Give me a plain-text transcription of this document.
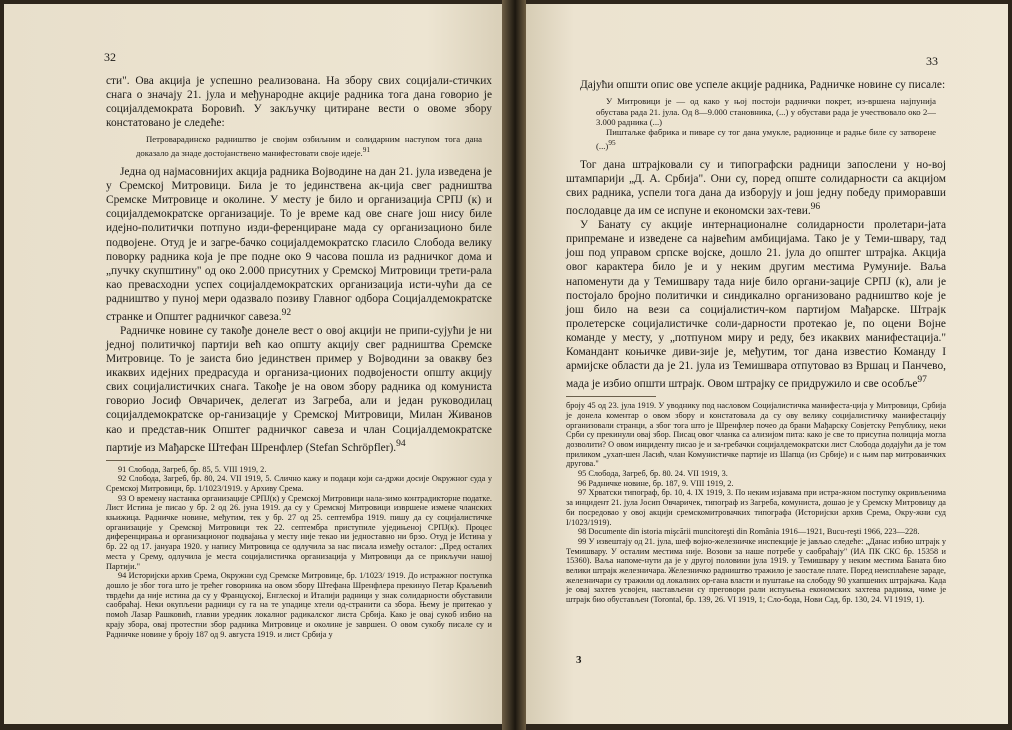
32

сти". Ова акција је успешно реализована. На збору свих социјали-стичких снага о значају 21. јула и међународне акције радника тога дана говорио је социјалдемократа Боровић. У закључку цитиране вести о овоме збору констатовано је следеће:

Петроварадинско радништво је својим озбиљним и солидарним наступом тога дана доказало да знаде достојанствено манифестовати своје идеје.$^{91}$

Једна од најмасовнијих акција радника Војводине на дан 21. јула изведена је у Сремској Митровици. Била је то јединствена ак-ција свег радништва Сремске Митровице и околине. У месту је било и организација СРПЈ (к) и социјалдемократске организације. То је време кад ове снаге још нису биле идејно-политички потпуно изди-ференциране мада су организационо биле подвојене. Отуд је и загре-бачко социјалдемократско гласило Слобода велику поворку радника која је пре подне око 9 часова пошла из радничког дома и „пучку скупштину" од око 2.000 присутних у Сремској Митровици трети-рала као превасходни успех социјалдемократских организација исти-чући да се радништво у пуној мери одазвало позиву Главног одбора Социјалдемократске странке и Општег радничког савеза.$^{92}$

Радничке новине су такође донеле вест о овој акцији не припи-сујући је ни једној политичкој партији већ као општу акцију свег радништва Сремске Митровице. То је заиста био јединствен пример у Војводини за овакву без икаквих идејних предрасуда и организа-ционих подвојености општу акцију свих социјалистичких снага. Такође је на овом збору радника од комуниста говорио Јосиф Овчаричек, делегат из Загреба, али и један руководилац социјалдемократске ор-ганизације у Сремској Митровици, Милан Живанов као и представ-ник Општег радничког савеза и члан Социјалдемократске партије из Мађарске Штефан Шренфлер (Stefan Schröpfler).$^{94}$

91 Слобода, Загреб, бр. 85, 5. VIII 1919, 2.

92 Слобода, Загреб, бр. 80, 24. VII 1919, 5. Слично кажу и подаци који са-држи досије Окружног суда у Сремској Митровици, бр. 1/1023/1919. у Архиву Срема.

93 О времену настанка организације СРПЈ(к) у Сремској Митровици нала-зимо контрадикторне податке. Лист Истина је писао у бр. 2 од 26. јуна 1919. да су у Сремској Митровици извршене измене чланских књижица. Радничке новине, међутим, тек у бр. 27 од 25. септембра 1919. пишу да су социјалистичке организације у Сремској Митровици тек 22. септембра приступиле уједињеној СРПЈ(к). Процес диференцирања и организационог подвајања у месту није текао ни једноставно ни брзо. Отуд је Истина у бр. 22 од 17. јануара 1920. у напису Митровица се одлучила за нас писала између осталог: „Пред осталих места у Срему, одлучила је места социјалистичка организација у Митровици да се прикључи нашој Партији."

94 Историјски архив Срема, Окружни суд Сремске Митровице, бр. 1/1023/ 1919. До истражног поступка дошло је због тога што је трећег говорника на овом збору Штефана Шренфлера прекинуо Петар Краљевић тврдећи да није истина да су у Француској, Енглеској и Италији радници у знак солидарности обуставили саобраћај. Неки окупљени радници су га на те упадице хтели од-странити са збора. Њему је притекао у помоћ Лазар Рашковић, главни уредник локалног радикалског листа Србија. Како је овај сукоб избио на крају збора, овај протестни збор радника Митровице и околине је завршен. О овом сукобу писале су и Радничке новине у броју 187 од 9. августа 1919. и лист Србија у

33

Дајући општи опис ове успеле акције радника, Радничке новине су писале:

У Митровици је — од како у њој постоји раднички покрет, из-вршена најпунија обустава рада 21. јула. Од 8—9.000 становника, (...) у обустави рада је учествовало око 2—3.000 радника (...)

Пиштаљке фабрика и пиваре су тог дана умукле, радионице и радње биле су затворене (...)$^{95}$

Тог дана штрајковали су и типографски радници запослени у но-вој штампарији „Д. А. Србија". Они су, поред опште солидарности са акцијом свих радника, успели тога дана да изборују и још једну победу приморавши послодавце да им се испуне и економски зах-теви.$^{96}$

У Банату су акције интернационалне солидарности пролетари-јата припремане и изведене са највећим амбицијама. Тако је у Теми-швару, тад још под управом српске војске, дошло 21. јула до општег штрајка. Акција овог карактера било је и у неким другим местима Румуније. Ваља напоменути да у Темишвару тада није било органи-зације СРПЈ (к), али је постојало бројно политички и синдикално организовано радништво које је још било на вези са социјалистич-ком партијом Мађарске. Штрајк пролетерске социјалистичке соли-дарности протекао је, по оцени Војне команде у месту, у „потпуном миру и реду, без икаквих манифестација." Командант коњичке диви-зије је, међутим, тог дана известио Команду I армијске области да је 21. јула из Темишвара отпутовао вз Вршац и Панчево, мада је избио општи штрајк. Овом штрајку се придружило и све особље$^{97}$

броју 45 од 23. јула 1919. У уводнику под насловом Социјалистичка манифеста-ција у Митровици, Србија је донела коментар о овом збору и констатовала да су ову велику социјалистичку манифестацију организовали странци, а због тога што је Шренфлер почео да брани Мађарску Совјетску Републику, неки Срби су прекинули овај збор. Писац овог чланка са ализијом пита: како је све то присутна полиција могла дозволити? О овом инциденту писао је и за-гребачки социјалдемократски лист Слобода додајући да је том приликом „ухап-шен Ласић, члан Комунистичке партије из Шапца (из Србије) и с њим пар митроваичких другова."

95 Слобода, Загреб, бр. 80. 24. VII 1919, 3.

96 Радничке новине, бр. 187, 9. VIII 1919, 2.

97 Хрватски типограф, бр. 10, 4. IX 1919, 3. По неким изјавама при истра-жном поступку окривљенима за инцидент 21. јула Јосип Овчаричек, типограф из Загреба, комуниста, дошао је у Сремску Митровицу да би посредовао у овој акцији сремскомитровачких типографа (Историјски архив Срема, Окру-жни суд I/1023/1919).

98 Documente din istoria mişcării muncitoreşti din România 1916—1921, Bucu-reşti 1966, 223—228.

99 У извештају од 21. јула, шеф војно-железничке инспекције је јављао следеће: „Данас избио штрајк у Темишвару. У осталим местима није. Возови за наше потребе у саобраћају" (ИА ПК СКС бр. 15358 и 15360). Ваља напоме-нути да је у другој половини јула 1919. у Темишвару у неким местима Баната био велики штрајк железничара. Железничко радништво тражило је заостале плате. Поред неисплаћене зараде, железничари су тражили од локалних ор-гана власти и пуштање на слободу 90 ухапшених штрајкача. Када је овај захтев усвојен, настављени су преговори рали испуњења економских захтева радника, чиме је штрајк био обустављен (Torontal, бр. 139, 26. VI 1919, 1; Сло-бода, Нови Сад, бр. 130, 24. VI 1919, 1).

3
